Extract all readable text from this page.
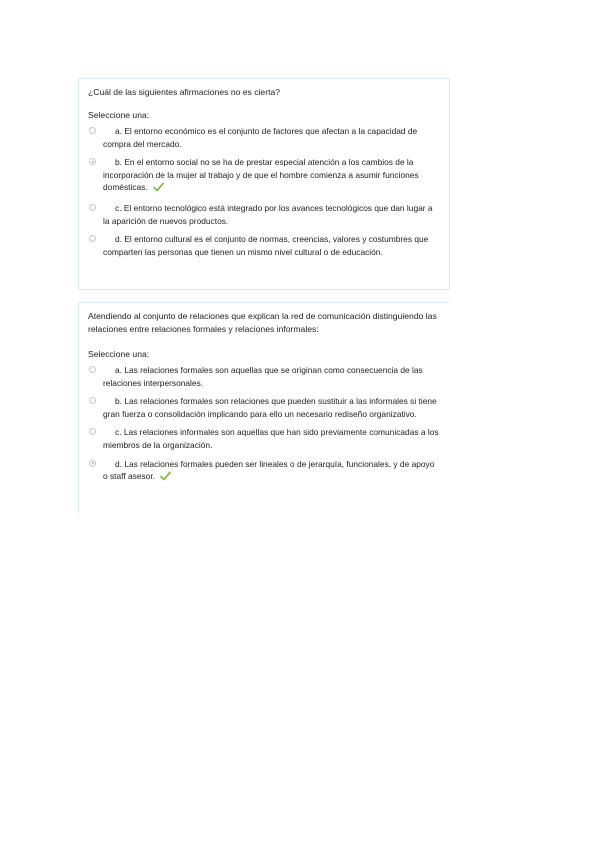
¿Cuál de las siguientes afirmaciones no es cierta?

Seleccione una:

a. El entorno económico es el conjunto de factores que afectan a la capacidad de compra del mercado.
b. En el entorno social no se ha de prestar especial atención a los cambios de la incorporación de la mujer al trabajo y de que el hombre comienza a asumir funciones domésticas.
c. El entorno tecnológico está integrado por los avances tecnológicos que dan lugar a la aparición de nuevos productos.
d. El entorno cultural es el conjunto de normas, creencias, valores y costumbres que comparten las personas que tienen un mismo nivel cultural o de educación.

Atendiendo al conjunto de relaciones que explican la red de comunicación distinguiendo las relaciones entre relaciones formales y relaciones informales:

Seleccione una:

a. Las relaciones formales son aquellas que se originan como consecuencia de las relaciones interpersonales.
b. Las relaciones formales son relaciones que pueden sustituir a las informales si tiene gran fuerza o consolidación implicando para ello un necesario rediseño organizativo.
c. Las relaciones informales son aquellas que han sido previamente comunicadas a los miembros de la organización.
d. Las relaciones formales pueden ser lineales o de jerarquía, funcionales, y de apoyo o staff asesor.
